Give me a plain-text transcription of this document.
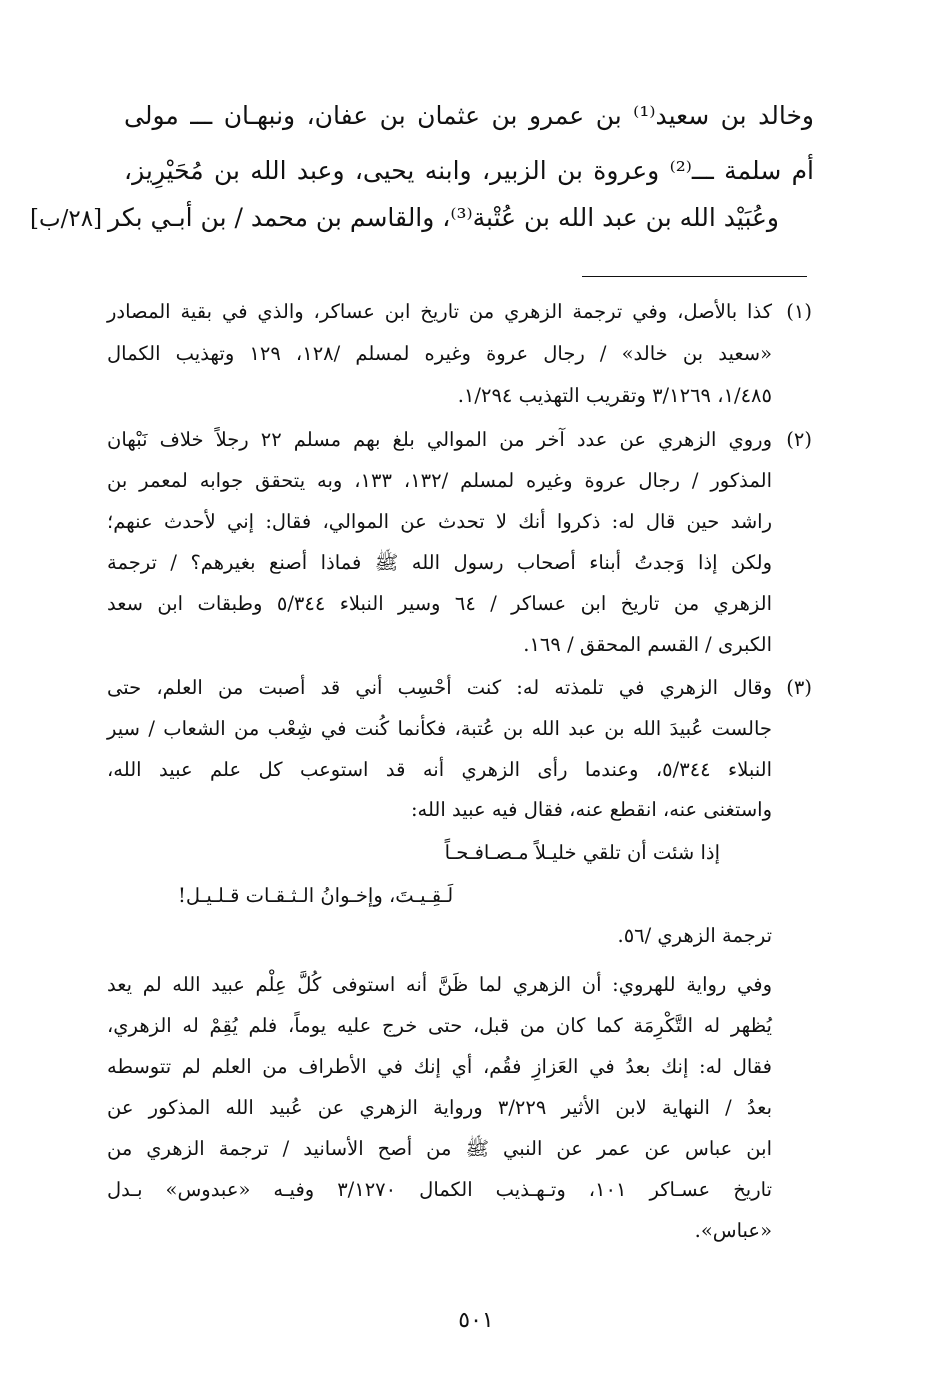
وخالد بن سعيد⁽¹⁾ بن عمرو بن عثمان بن عفان، ونبهـان ـــ مولى
أم سلمة ـــ⁽²⁾ وعروة بن الزبير، وابنه يحيى، وعبد الله بن مُحَيْرِيز،
وعُبَيْد الله بن عبد الله بن عُتْبة⁽³⁾، والقاسم بن محمد / بن أبـي بكر
[٢٨/ب]
(١)
كذا بالأصل، وفي ترجمة الزهري من تاريخ ابن عساكر، والذي في بقية المصادر
«سعيد بن خالد» / رجال عروة وغيره لمسلم /١٢٨، ١٢٩ وتهذيب الكمال
١/٤٨٥، ٣/١٢٦٩ وتقريب التهذيب ١/٢٩٤.
(٢)
وروي الزهري عن عدد آخر من الموالي بلغ بهم مسلم ٢٢ رجلاً خلاف نَبْهان
المذكور / رجال عروة وغيره لمسلم /١٣٢، ١٣٣، وبه يتحقق جوابه لمعمر بن
راشد حين قال له: ذكروا أنك لا تحدث عن الموالي، فقال: إني لأحدث عنهم؛
ولكن إذا وَجدتُ أبناء أصحاب رسول الله ﷺ فماذا أصنع بغيرهم؟ / ترجمة
الزهري من تاريخ ابن عساكر / ٦٤ وسير النبلاء ٥/٣٤٤ وطبقات ابن سعد
الكبرى / القسم المحقق / ١٦٩.
(٣)
وقال الزهري في تلمذته له: كنت أحْسِب أني قد أصبت من العلم، حتى
جالست عُبيدَ الله بن عبد الله بن عُتبة، فكأنما كُنت في شِعْب من الشعاب / سير
النبلاء ٥/٣٤٤، وعندما رأى الزهري أنه قد استوعب كل علم عبيد الله،
واستغنى عنه، انقطع عنه، فقال فيه عبيد الله:
إذا شئت أن تلقي خليـلاً مـصـافـحـاً
لَـقِـيـتَ، وإخـوانُ الـثـقـات قـلـيـل!
ترجمة الزهري /٥٦.
وفي رواية للهروي: أن الزهري لما ظَنَّ أنه استوفى كُلَّ عِلْم عبيد الله لم يعد
يُظهر له التَّكْرِمَة كما كان من قبل، حتى خرج عليه يوماً، فلم يُقِمْ له الزهري،
فقال له: إنك بعدُ في العَزازِ فقُم، أي إنك في الأطراف من العلم لم تتوسطه
بعدُ / النهاية لابن الأثير ٣/٢٢٩ ورواية الزهري عن عُبيد الله المذكور عن
ابن عباس عن عمر عن النبي ﷺ من أصح الأسانيد / ترجمة الزهري من
تاريخ عسـاكر ١٠١، وتـهـذيب الكمال ٣/١٢٧٠ وفيـه «عبدوس» بـدل
«عباس».
٥٠١
